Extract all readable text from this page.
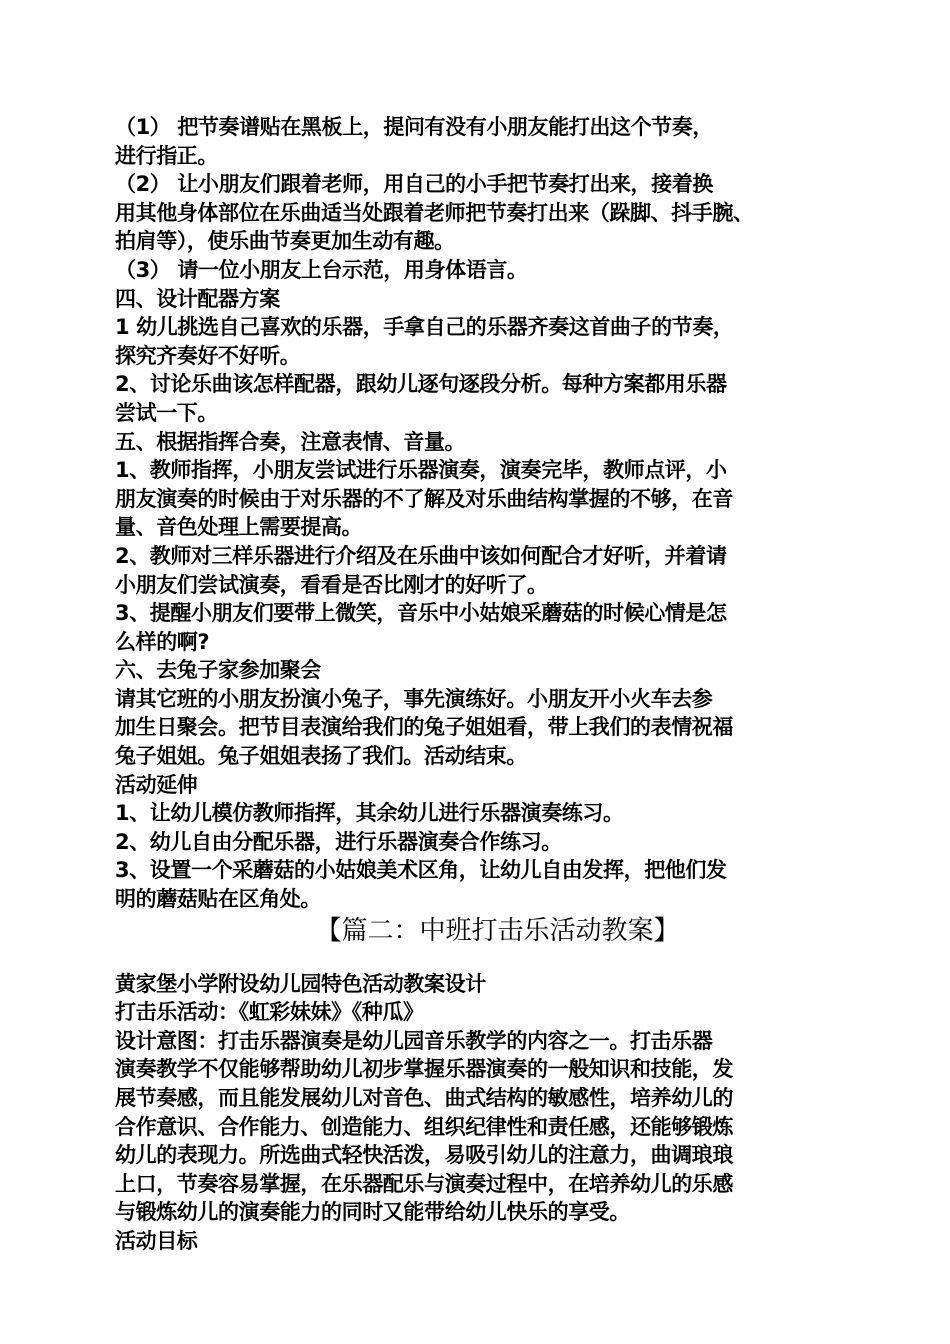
（1） 把节奏谱贴在黑板上，提问有没有小朋友能打出这个节奏，
进行指正。
（2） 让小朋友们跟着老师，用自己的小手把节奏打出来，接着换
用其他身体部位在乐曲适当处跟着老师把节奏打出来（跺脚、抖手腕、
拍肩等），使乐曲节奏更加生动有趣。
（3） 请一位小朋友上台示范，用身体语言。
四、设计配器方案
1 幼儿挑选自己喜欢的乐器，手拿自己的乐器齐奏这首曲子的节奏，
探究齐奏好不好听。
2、讨论乐曲该怎样配器，跟幼儿逐句逐段分析。每种方案都用乐器
尝试一下。
五、根据指挥合奏，注意表情、音量。
1、教师指挥，小朋友尝试进行乐器演奏，演奏完毕，教师点评，小
朋友演奏的时候由于对乐器的不了解及对乐曲结构掌握的不够，在音
量、音色处理上需要提高。
2、教师对三样乐器进行介绍及在乐曲中该如何配合才好听，并着请
小朋友们尝试演奏，看看是否比刚才的好听了。
3、提醒小朋友们要带上微笑，音乐中小姑娘采蘑菇的时候心情是怎
么样的啊?
六、去兔子家参加聚会
请其它班的小朋友扮演小兔子，事先演练好。小朋友开小火车去参
加生日聚会。把节目表演给我们的兔子姐姐看，带上我们的表情祝福
兔子姐姐。兔子姐姐表扬了我们。活动结束。
活动延伸
1、让幼儿模仿教师指挥，其余幼儿进行乐器演奏练习。
2、幼儿自由分配乐器，进行乐器演奏合作练习。
3、设置一个采蘑菇的小姑娘美术区角，让幼儿自由发挥，把他们发
明的蘑菇贴在区角处。
【篇二：中班打击乐活动教案】
黄家堡小学附设幼儿园特色活动教案设计
打击乐活动：《虹彩妹妹》《种瓜》
设计意图：打击乐器演奏是幼儿园音乐教学的内容之一。打击乐器
演奏教学不仅能够帮助幼儿初步掌握乐器演奏的一般知识和技能，发
展节奏感，而且能发展幼儿对音色、曲式结构的敏感性，培养幼儿的
合作意识、合作能力、创造能力、组织纪律性和责任感，还能够锻炼
幼儿的表现力。所选曲式轻快活泼，易吸引幼儿的注意力，曲调琅琅
上口，节奏容易掌握，在乐器配乐与演奏过程中，在培养幼儿的乐感
与锻炼幼儿的演奏能力的同时又能带给幼儿快乐的享受。
活动目标
